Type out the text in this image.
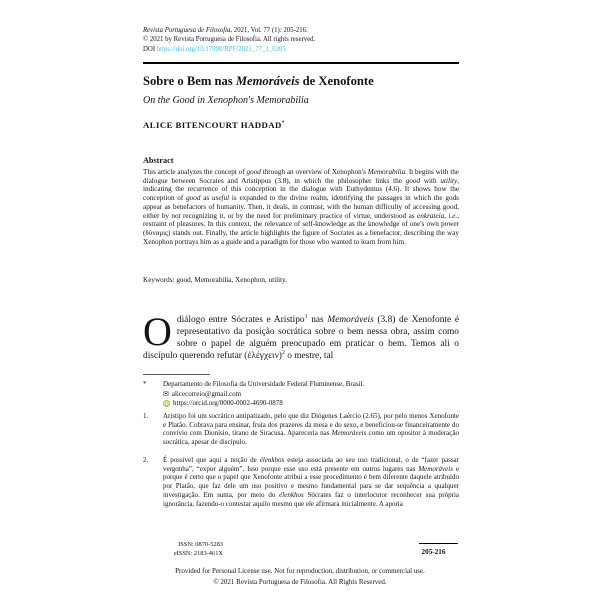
Revista Portuguesa de Filosofia, 2021, Vol. 77 (1): 205-216.
© 2021 by Revista Portuguesa de Filosofia. All rights reserved.
DOI https://doi.org/10.17990/RPF/2021_77_1_0205
Sobre o Bem nas Memoráveis de Xenofonte
On the Good in Xenophon's Memorabilia
ALICE BITENCOURT HADDAD*
Abstract

This article analyzes the concept of good through an overview of Xenophon's Memorabilia. It begins with the dialogue between Socrates and Aristippus (3.8), in which the philosopher links the good with utility, indicating the recurrence of this conception in the dialogue with Euthydemus (4.6). It shows how the conception of good as useful is expanded to the divine realm, identifying the passages in which the gods appear as benefactors of humanity. Then, it deals, in contrast, with the human difficulty of accessing good, either by not recognizing it, or by the need for preliminary practice of virtue, understood as enkrateia, i.e., restraint of pleasures. In this context, the relevance of self-knowledge as the knowledge of one's own power (δύναμις) stands out. Finally, the article highlights the figure of Socrates as a benefactor, describing the way Xenophon portrays him as a guide and a paradigm for those who wanted to learn from him.

Keywords: good, Memorabilia, Xenophon, utility.

Odiálogo entre Sócrates e Aristipo$^1$ nas Memoráveis (3.8) de Xenofonte é representativo da posição socrática sobre o bem nessa obra, assim como sobre o papel de alguém preocupado em praticar o bem. Temos ali o discípulo querendo refutar (ἐλέγχειν)$^2$ o mestre, tal

*	Departamento de Filosofia da Universidade Federal Fluminense, Brasil.
✉ alicecorreio@gmail.com
iD https://orcid.org/0000-0002-4690-0878
1.	Aristipo foi um socrático antipatizado, pelo que diz Diógenes Laércio (2.65), por pelo menos Xenofonte e Platão. Cobrava para ensinar, fruía dos prazeres da mesa e do sexo, e beneficiou-se financeiramente do convívio com Dionísio, tirano de Siracusa. Apareceria nas Memoráveis como um opositor à moderação socrática, apesar de discípulo.
2.	É possível que aqui a noção de élenkhos esteja associada ao seu uso tradicional, o de “fazer passar vergonha”, “expor alguém”. Isso porque esse uso está presente em outros lugares nas Memoráveis e porque é certo que o papel que Xenofonte atribui a esse procedimento é bem diferente daquele atribuído por Platão, que faz dele um uso positivo e mesmo fundamental para se dar sequência a qualquer investigação. Em suma, por meio do élenkhos Sócrates faz o interlocutor reconhecer sua própria ignorância, fazendo-o contestar aquilo mesmo que ele afirmara inicialmente. A aporia
ISSN: 0870-5283
eISSN: 2183-461X	205-216
Provided for Personal License use. Not for reproduction, distribution, or commercial use.
© 2021 Revista Portuguesa de Filosofia. All Rights Reserved.
